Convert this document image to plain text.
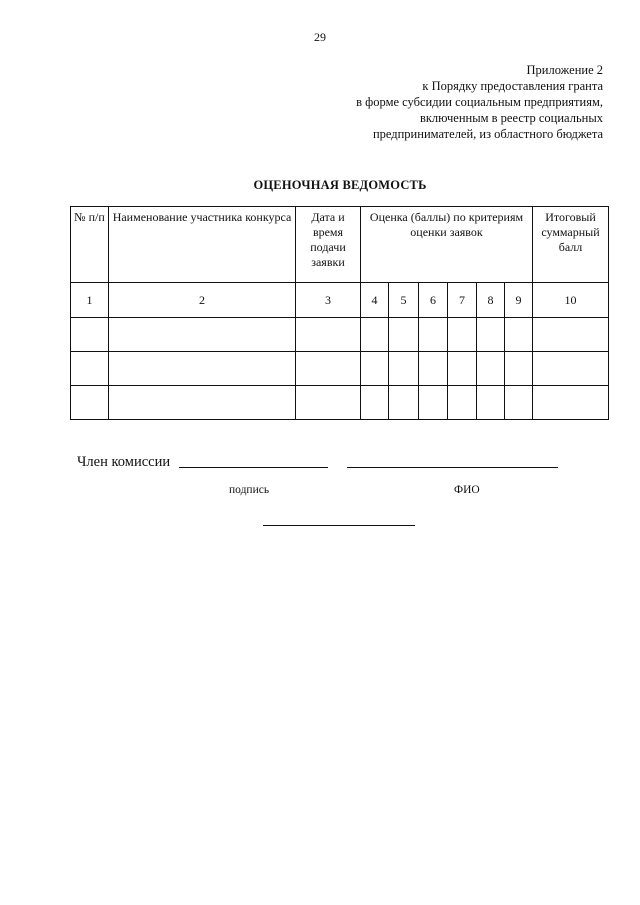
29
Приложение 2
к Порядку предоставления гранта
в форме субсидии социальным предприятиям,
включенным в реестр социальных
предпринимателей, из областного бюджета
ОЦЕНОЧНАЯ ВЕДОМОСТЬ
№ п/п	Наименование участника конкурса	Дата и время подачи заявки	Оценка (баллы) по критериям оценки заявок						Итоговый суммарный балл
1	2	3	4	5	6	7	8	9	10

Член комиссии
подпись	ФИО
